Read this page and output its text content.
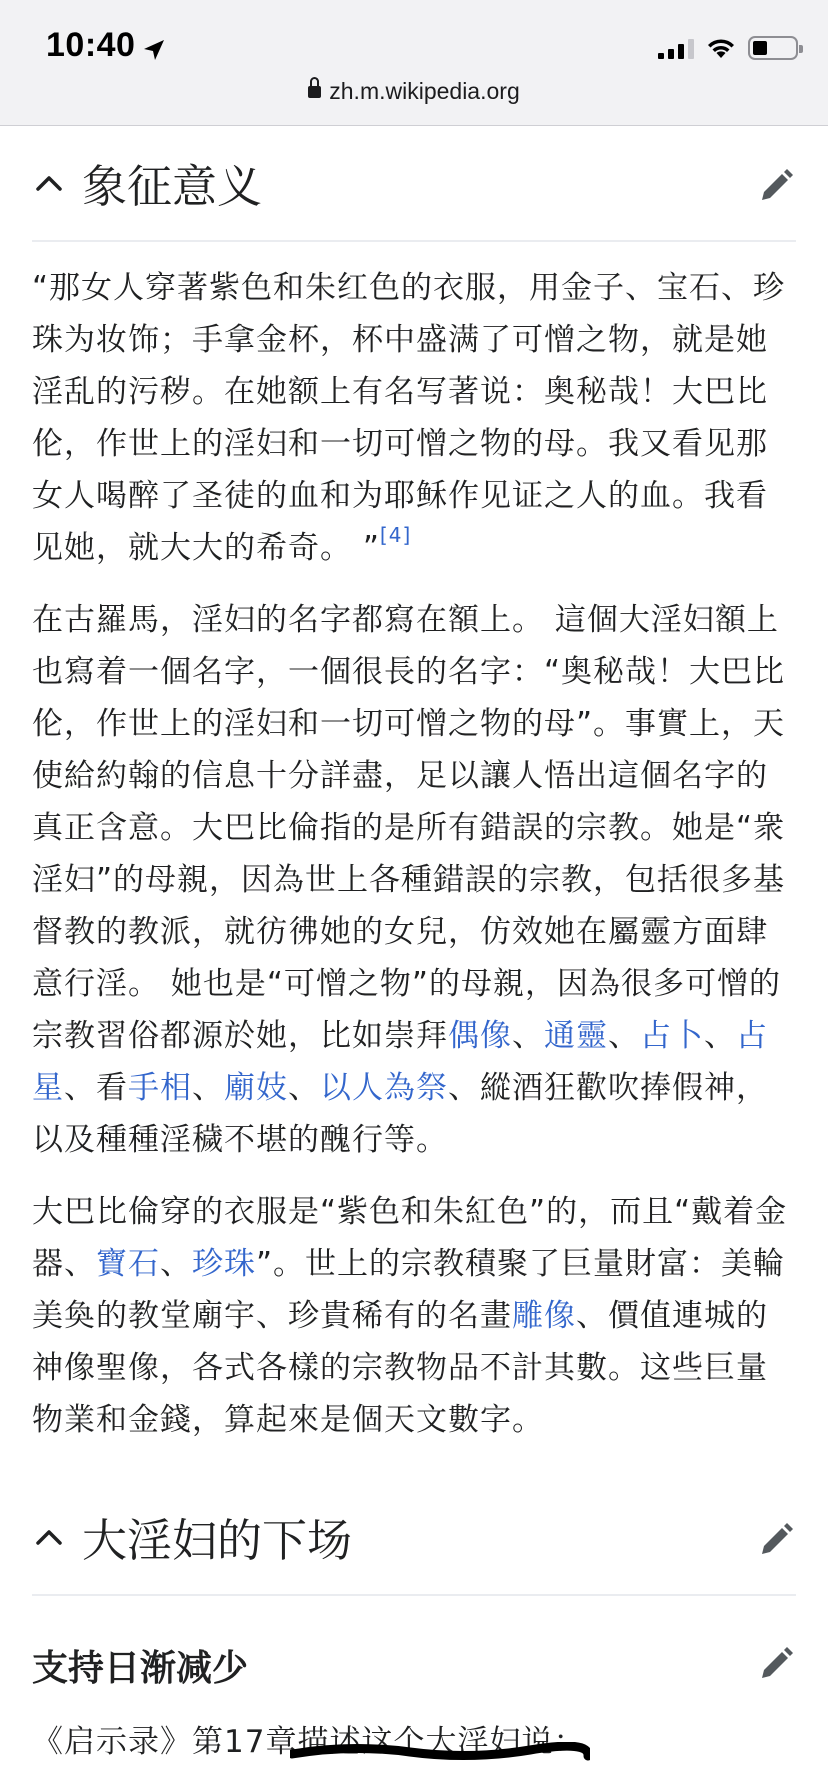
10:40
zh.m.wikipedia.org
象征意义

“那女人穿著紫色和朱红色的衣服，用金子、宝石、珍珠为妆饰；手拿金杯，杯中盛满了可憎之物，就是她淫乱的污秽。在她额上有名写著说：奥秘哉！大巴比伦，作世上的淫妇和一切可憎之物的母。我又看见那女人喝醉了圣徒的血和为耶稣作见证之人的血。我看见她，就大大的希奇。 ”[4]

在古羅馬，淫妇的名字都寫在額上。 這個大淫妇額上也寫着一個名字，一個很長的名字：“奥秘哉！大巴比伦，作世上的淫妇和一切可憎之物的母”。事實上，天使給約翰的信息十分詳盡，足以讓人悟出這個名字的真正含意。大巴比倫指的是所有錯誤的宗教。她是“衆淫妇”的母親，因為世上各種錯誤的宗教，包括很多基督教的教派，就彷彿她的女兒，仿效她在屬靈方面肆意行淫。 她也是“可憎之物”的母親，因為很多可憎的宗教習俗都源於她，比如崇拜偶像、通靈、占卜、占星、看手相、廟妓、以人為祭、縱酒狂歡吹捧假神，以及種種淫穢不堪的醜行等。

大巴比倫穿的衣服是“紫色和朱紅色”的，而且“戴着金器、寶石、珍珠”。世上的宗教積聚了巨量財富：美輪美奐的教堂廟宇、珍貴稀有的名畫雕像、價值連城的神像聖像，各式各樣的宗教物品不計其數。这些巨量物業和金錢，算起來是個天文數字。

大淫妇的下场
支持日渐减少
《启示录》第17章描述这个大淫妇说：
